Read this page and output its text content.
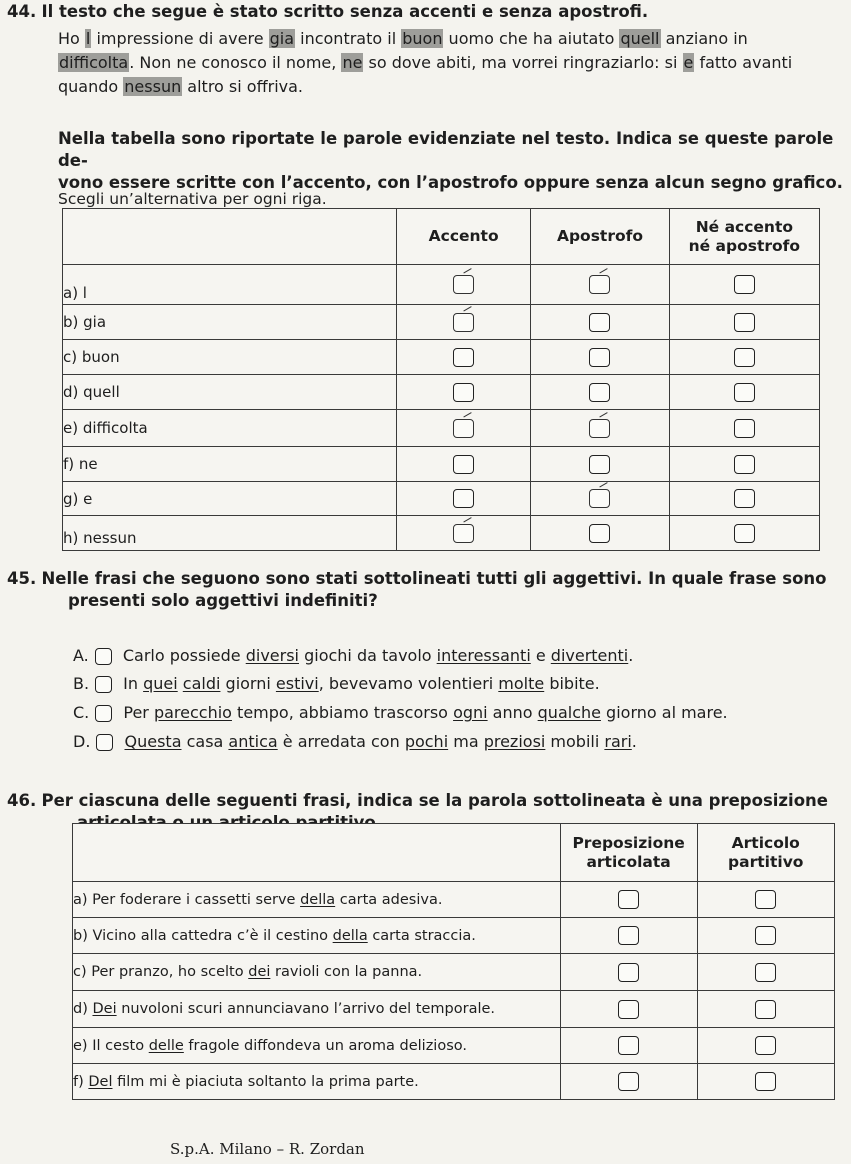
44. Il testo che segue è stato scritto senza accenti e senza apostrofi.
Ho l impressione di avere gia incontrato il buon uomo che ha aiutato quell anziano in
difficolta. Non ne conosco il nome, ne so dove abiti, ma vorrei ringraziarlo: si e fatto avanti
quando nessun altro si offriva.
Nella tabella sono riportate le parole evidenziate nel testo. Indica se queste parole de-
vono essere scritte con l’accento, con l’apostrofo oppure senza alcun segno grafico.
Scegli un’alternativa per ogni riga.
	Accento	Apostrofo	Né accento
né apostrofo
a) l			
b) gia			
c) buon			
d) quell			
e) difficolta			
f) ne			
g) e			
h) nessun			
45. Nelle frasi che seguono sono stati sottolineati tutti gli aggettivi. In quale frase sono
presenti solo aggettivi indefiniti?
A. Carlo possiede diversi giochi da tavolo interessanti e divertenti.
B. In quei caldi giorni estivi, bevevamo volentieri molte bibite.
C. Per parecchio tempo, abbiamo trascorso ogni anno qualche giorno al mare.
D. Questa casa antica è arredata con pochi ma preziosi mobili rari.
46. Per ciascuna delle seguenti frasi, indica se la parola sottolineata è una preposizione

	Preposizione
articolata	Articolo
partitivo
a) Per foderare i cassetti serve della carta adesiva.		
b) Vicino alla cattedra c’è il cestino della carta straccia.		
c) Per pranzo, ho scelto dei ravioli con la panna.		
d) Dei nuvoloni scuri annunciavano l’arrivo del temporale.		
e) Il cesto delle fragole diffondeva un aroma delizioso.		
f) Del film mi è piaciuta soltanto la prima parte.		
S.p.A. Milano – R. Zordan
